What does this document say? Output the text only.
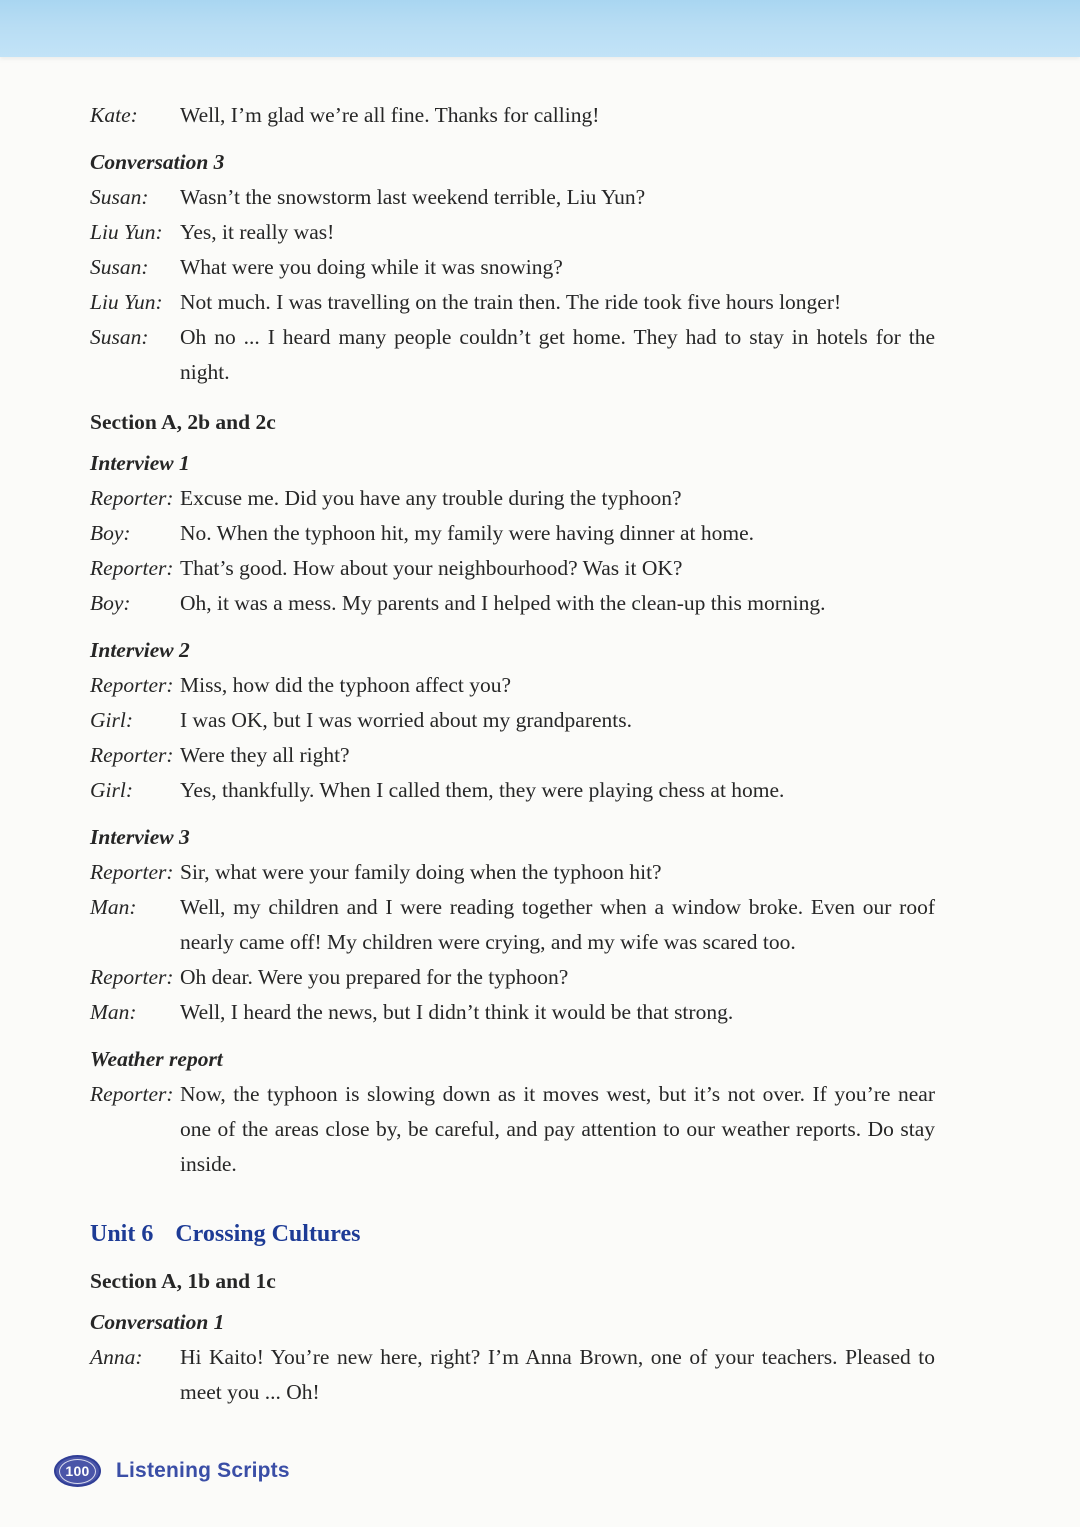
Kate:	Well, I’m glad we’re all fine. Thanks for calling!
Conversation 3
Susan:	Wasn’t the snowstorm last weekend terrible, Liu Yun?
Liu Yun: Yes, it really was!
Susan:	What were you doing while it was snowing?
Liu Yun: Not much. I was travelling on the train then. The ride took five hours longer!
Susan:	Oh no ... I heard many people couldn’t get home. They had to stay in hotels for the night.
Section A, 2b and 2c
Interview 1
Reporter: Excuse me. Did you have any trouble during the typhoon?
Boy:	No. When the typhoon hit, my family were having dinner at home.
Reporter: That’s good. How about your neighbourhood? Was it OK?
Boy:	Oh, it was a mess. My parents and I helped with the clean-up this morning.
Interview 2
Reporter: Miss, how did the typhoon affect you?
Girl:	I was OK, but I was worried about my grandparents.
Reporter: Were they all right?
Girl:	Yes, thankfully. When I called them, they were playing chess at home.
Interview 3
Reporter: Sir, what were your family doing when the typhoon hit?
Man:	Well, my children and I were reading together when a window broke. Even our roof nearly came off! My children were crying, and my wife was scared too.
Reporter: Oh dear. Were you prepared for the typhoon?
Man:	Well, I heard the news, but I didn’t think it would be that strong.
Weather report
Reporter: Now, the typhoon is slowing down as it moves west, but it’s not over. If you’re near one of the areas close by, be careful, and pay attention to our weather reports. Do stay inside.
Unit 6 Crossing Cultures
Section A, 1b and 1c
Conversation 1
Anna:	Hi Kaito! You’re new here, right? I’m Anna Brown, one of your teachers. Pleased to meet you ... Oh!
100 Listening Scripts
